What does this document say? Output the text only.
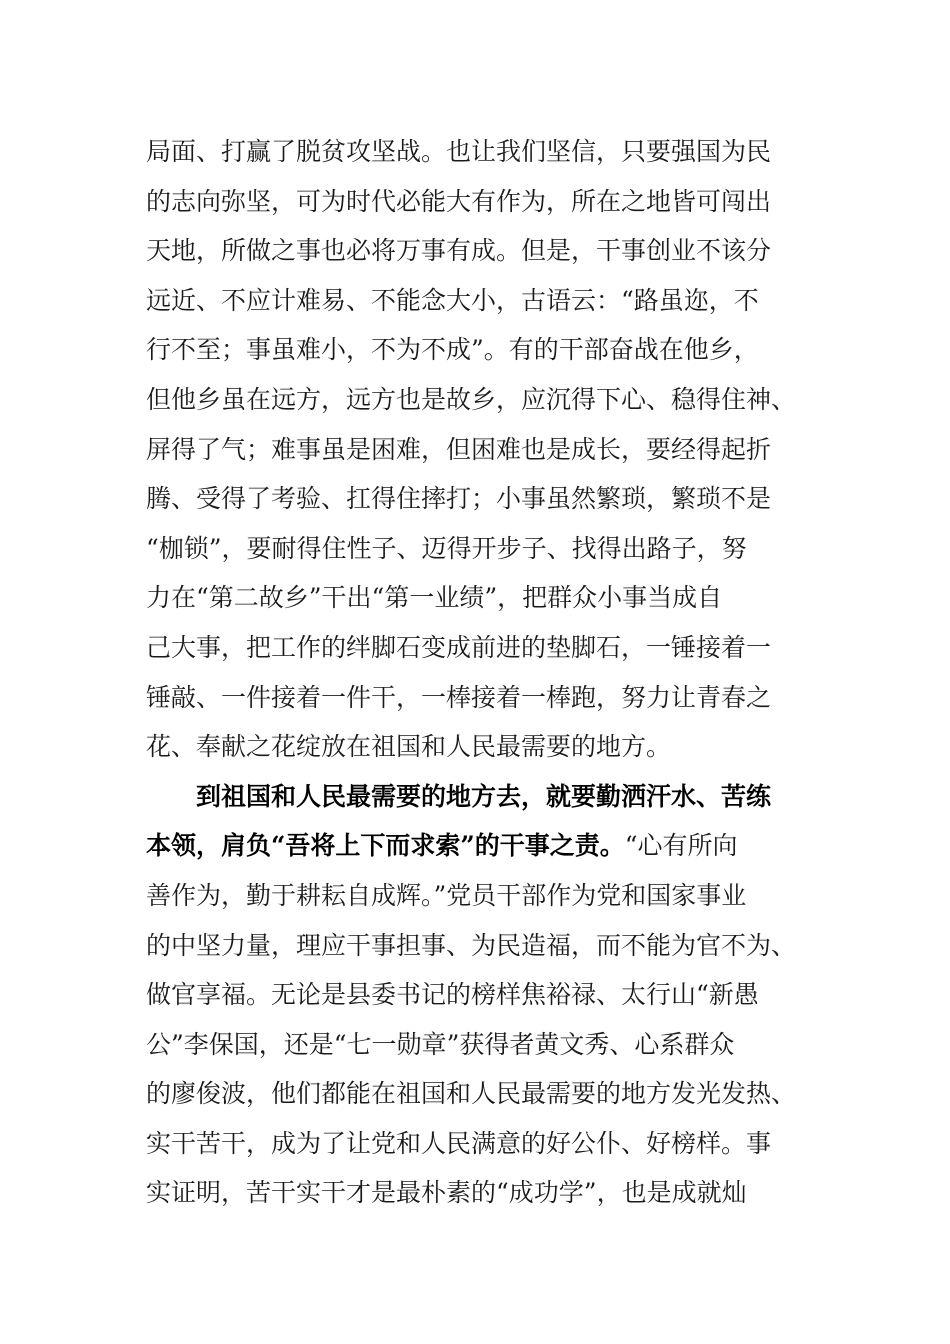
局面、打赢了脱贫攻坚战。也让我们坚信，只要强国为民
的志向弥坚，可为时代必能大有作为，所在之地皆可闯出
天地，所做之事也必将万事有成。但是，干事创业不该分
远近、不应计难易、不能念大小，古语云：“路虽迩，不
行不至；事虽难小，不为不成”。有的干部奋战在他乡，
但他乡虽在远方，远方也是故乡，应沉得下心、稳得住神、
屏得了气；难事虽是困难，但困难也是成长，要经得起折
腾、受得了考验、扛得住摔打；小事虽然繁琐，繁琐不是
“枷锁”，要耐得住性子、迈得开步子、找得出路子，努
力在“第二故乡”干出“第一业绩”，把群众小事当成自
己大事，把工作的绊脚石变成前进的垫脚石，一锤接着一
锤敲、一件接着一件干，一棒接着一棒跑，努力让青春之
花、奉献之花绽放在祖国和人民最需要的地方。
到祖国和人民最需要的地方去，就要勤洒汗水、苦练
本领，肩负“吾将上下而求索”的干事之责。“心有所向
善作为，勤于耕耘自成辉。”党员干部作为党和国家事业
的中坚力量，理应干事担事、为民造福，而不能为官不为、
做官享福。无论是县委书记的榜样焦裕禄、太行山“新愚
公”李保国，还是“七一勋章”获得者黄文秀、心系群众
的廖俊波，他们都能在祖国和人民最需要的地方发光发热、
实干苦干，成为了让党和人民满意的好公仆、好榜样。事
实证明，苦干实干才是最朴素的“成功学”，也是成就灿
